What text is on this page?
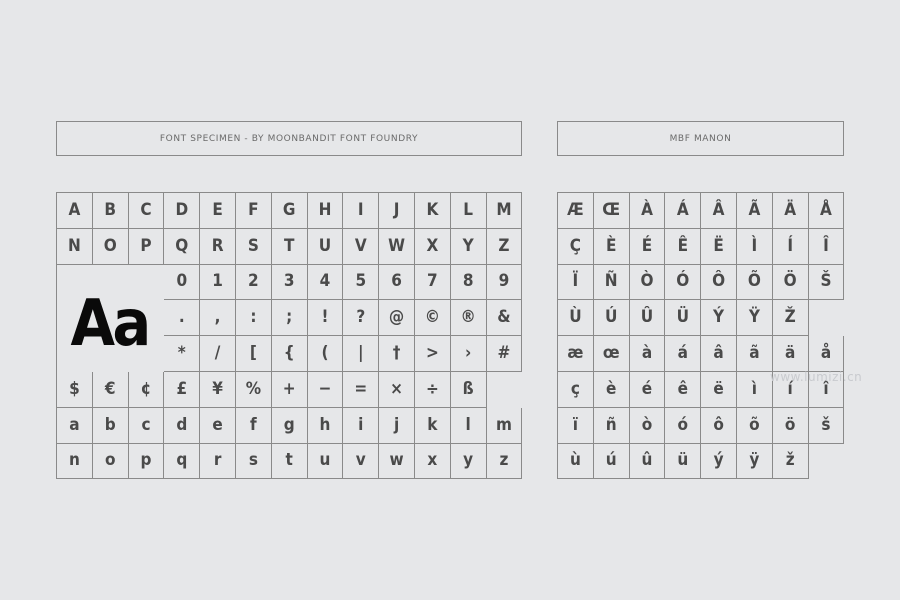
FONT SPECIMEN - BY MOONBANDIT FONT FOUNDRY	MBF MANON
A	B	C	D	E	F	G	H	I	J	K	L	M
N	O	P	Q	R	S	T	U	V	W	X	Y	Z
0	1	2	3	4	5	6	7	8	9
.	,	:	;	!	?	@	©	®	&
*	/	[	{	(	|	†	>	›	#
$	€	¢	£	¥	%	+	−	=	×	÷	ß
a	b	c	d	e	f	g	h	i	j	k	l	m
n	o	p	q	r	s	t	u	v	w	x	y	z
Aa
Æ	Œ	À	Á	Â	Ã	Ä	Å
Ç	È	É	Ê	Ë	Ì	Í	Î
Ï	Ñ	Ò	Ó	Ô	Õ	Ö	Š
Ù	Ú	Û	Ü	Ý	Ÿ	Ž
æ	œ	à	á	â	ã	ä	å
ç	è	é	ê	ë	ì	í	î
ï	ñ	ò	ó	ô	õ	ö	š
ù	ú	û	ü	ý	ÿ	ž
www.lumizi.cn
